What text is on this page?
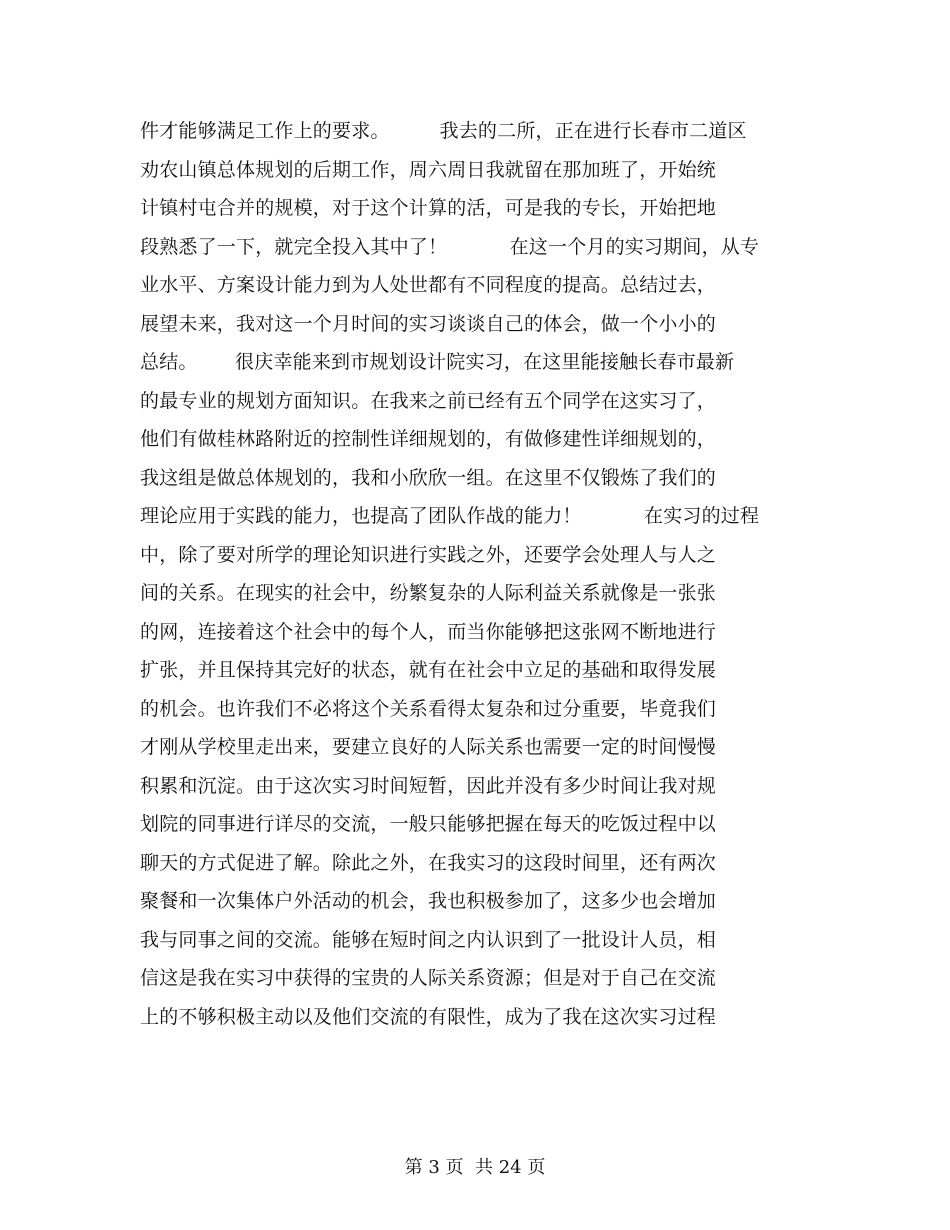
件才能够满足工作上的要求。        我去的二所，正在进行长春市二道区
劝农山镇总体规划的后期工作，周六周日我就留在那加班了，开始统
计镇村屯合并的规模，对于这个计算的活，可是我的专长，开始把地
段熟悉了一下，就完全投入其中了！          在这一个月的实习期间，从专
业水平、方案设计能力到为人处世都有不同程度的提高。总结过去，
展望未来，我对这一个月时间的实习谈谈自己的体会，做一个小小的
总结。      很庆幸能来到市规划设计院实习，在这里能接触长春市最新
的最专业的规划方面知识。在我来之前已经有五个同学在这实习了，
他们有做桂林路附近的控制性详细规划的，有做修建性详细规划的，
我这组是做总体规划的，我和小欣欣一组。在这里不仅锻炼了我们的
理论应用于实践的能力，也提高了团队作战的能力！          在实习的过程
中，除了要对所学的理论知识进行实践之外，还要学会处理人与人之
间的关系。在现实的社会中，纷繁复杂的人际利益关系就像是一张张
的网，连接着这个社会中的每个人，而当你能够把这张网不断地进行
扩张，并且保持其完好的状态，就有在社会中立足的基础和取得发展
的机会。也许我们不必将这个关系看得太复杂和过分重要，毕竟我们
才刚从学校里走出来，要建立良好的人际关系也需要一定的时间慢慢
积累和沉淀。由于这次实习时间短暂，因此并没有多少时间让我对规
划院的同事进行详尽的交流，一般只能够把握在每天的吃饭过程中以
聊天的方式促进了解。除此之外，在我实习的这段时间里，还有两次
聚餐和一次集体户外活动的机会，我也积极参加了，这多少也会增加
我与同事之间的交流。能够在短时间之内认识到了一批设计人员，相
信这是我在实习中获得的宝贵的人际关系资源；但是对于自己在交流
上的不够积极主动以及他们交流的有限性，成为了我在这次实习过程
第 3 页  共 24 页
